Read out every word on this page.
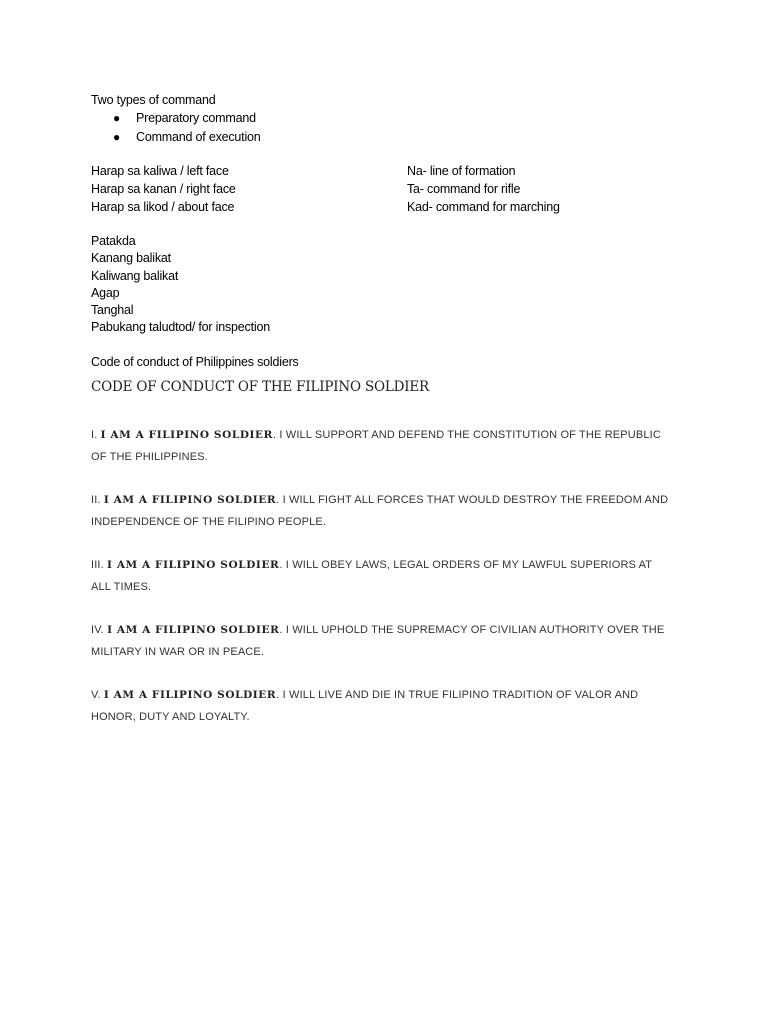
Two types of command

● Preparatory command
● Command of execution
Harap sa kaliwa / left face
Harap sa kanan / right face
Harap sa likod / about face
Na- line of formation
Ta- command for rifle
Kad- command for marching
Patakda
Kanang balikat
Kaliwang balikat
Agap
Tanghal
Pabukang taludtod/ for inspection

Code of conduct of Philippines soldiers

CODE OF CONDUCT OF THE FILIPINO SOLDIER

I. I AM A FILIPINO SOLDIER. I WILL SUPPORT AND DEFEND THE CONSTITUTION OF THE REPUBLIC OF THE PHILIPPINES.

II. I AM A FILIPINO SOLDIER. I WILL FIGHT ALL FORCES THAT WOULD DESTROY THE FREEDOM AND INDEPENDENCE OF THE FILIPINO PEOPLE.

III. I AM A FILIPINO SOLDIER. I WILL OBEY LAWS, LEGAL ORDERS OF MY LAWFUL SUPERIORS AT ALL TIMES.

IV. I AM A FILIPINO SOLDIER. I WILL UPHOLD THE SUPREMACY OF CIVILIAN AUTHORITY OVER THE MILITARY IN WAR OR IN PEACE.

V. I AM A FILIPINO SOLDIER. I WILL LIVE AND DIE IN TRUE FILIPINO TRADITION OF VALOR AND HONOR, DUTY AND LOYALTY.
